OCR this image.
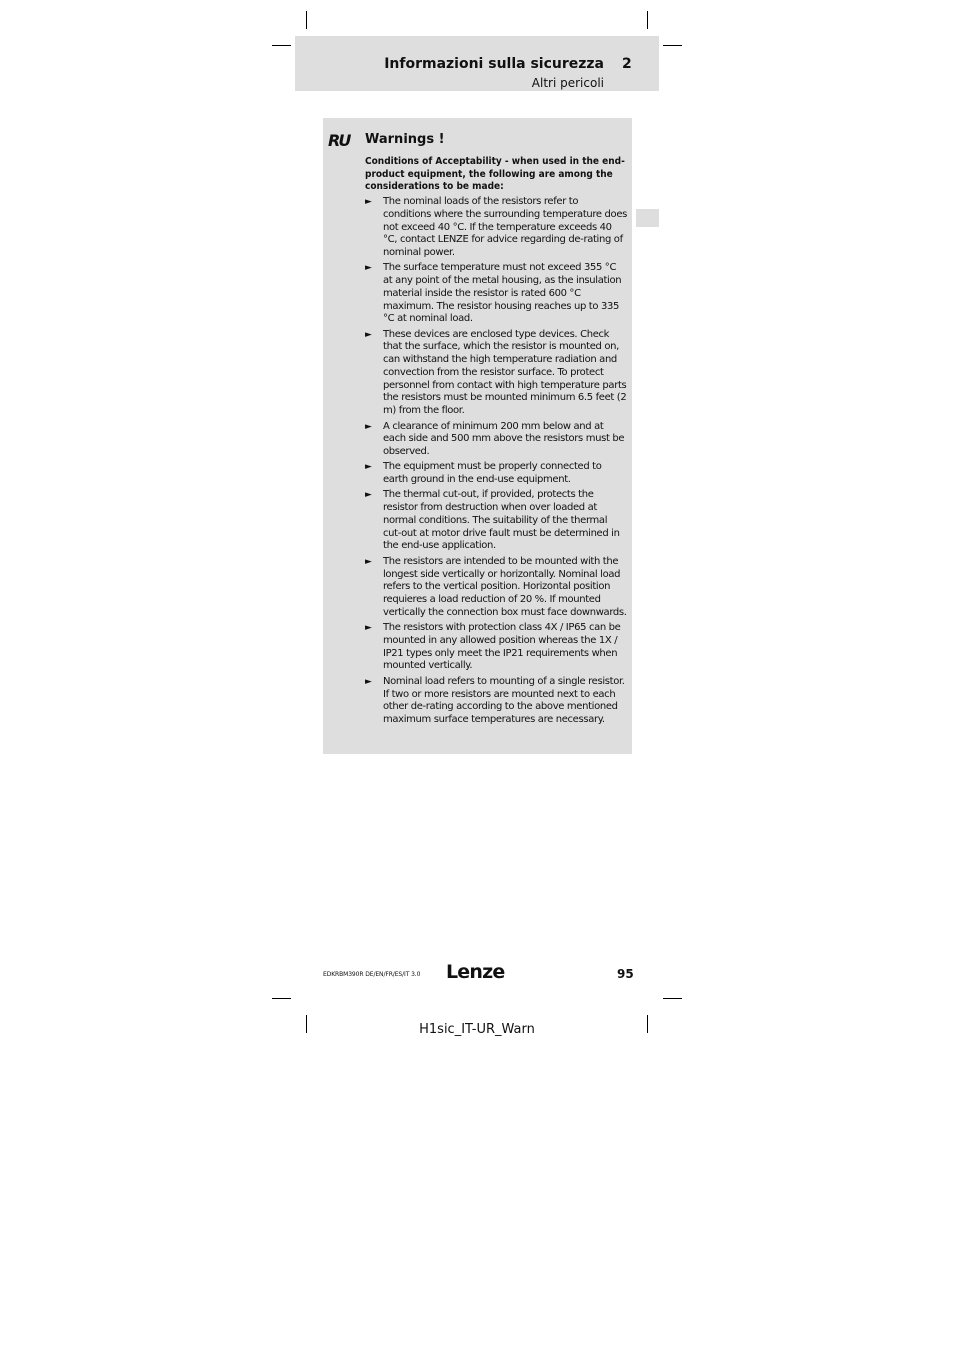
Informazioni sulla sicurezza 2
Altri pericoli
RU Warnings !
Conditions of Acceptability - when used in the end-product equipment, the following are among the considerations to be made:
► The nominal loads of the resistors refer to conditions where the surrounding temperature does not exceed 40 °C. If the temperature exceeds 40 °C, contact LENZE for advice regarding de-rating of nominal power.
► The surface temperature must not exceed 355 °C at any point of the metal housing, as the insulation material inside the resistor is rated 600 °C maximum. The resistor housing reaches up to 335 °C at nominal load.
► These devices are enclosed type devices. Check that the surface, which the resistor is mounted on, can withstand the high temperature radiation and convection from the resistor surface. To protect personnel from contact with high temperature parts the resistors must be mounted minimum 6.5 feet (2 m) from the floor.
► A clearance of minimum 200 mm below and at each side and 500 mm above the resistors must be observed.
► The equipment must be properly connected to earth ground in the end-use equipment.
► The thermal cut-out, if provided, protects the resistor from destruction when over loaded at normal conditions. The suitability of the thermal cut-out at motor drive fault must be determined in the end-use application.
► The resistors are intended to be mounted with the longest side vertically or horizontally. Nominal load refers to the vertical position. Horizontal position requieres a load reduction of 20 %. If mounted vertically the connection box must face downwards.
► The resistors with protection class 4X / IP65 can be mounted in any allowed position whereas the 1X / IP21 types only meet the IP21 requirements when mounted vertically.
► Nominal load refers to mounting of a single resistor. If two or more resistors are mounted next to each other de-rating according to the above mentioned maximum surface temperatures are necessary.
EDKRBM390R DE/EN/FR/ES/IT 3.0 Lenze	95
H1sic_IT-UR_Warn
